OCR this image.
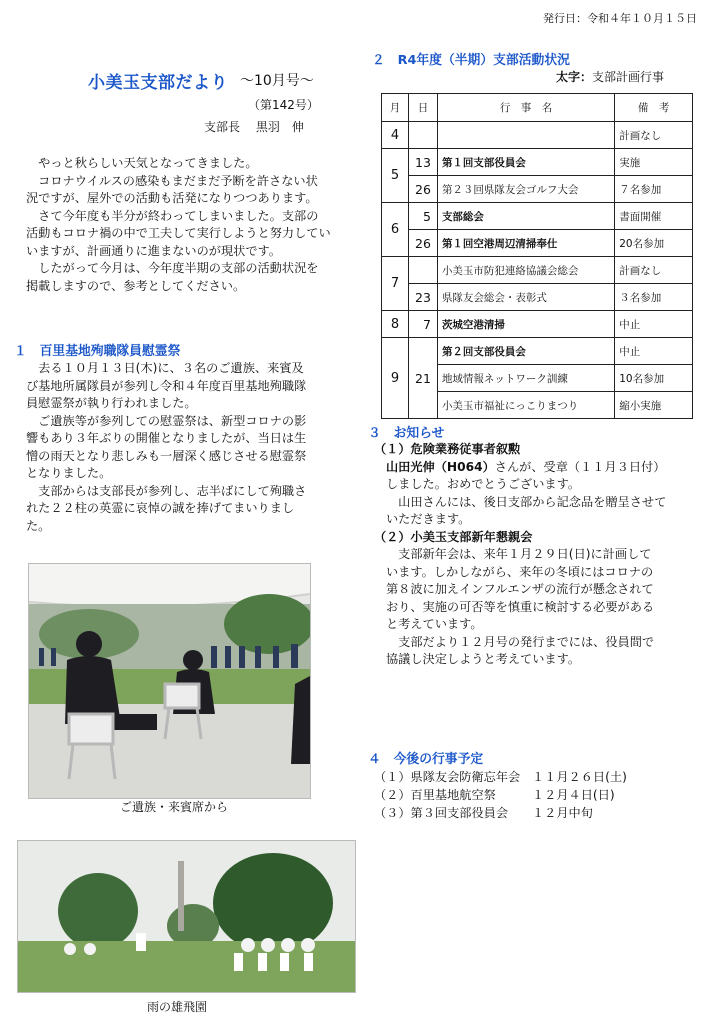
発行日：令和４年１０月１５日
小美玉支部だより ～10月号～
（第142号）
支部長　 黒羽　伸

　やっと秋らしい天気となってきました。

　コロナウイルスの感染もまだまだ予断を許さない状

況ですが、屋外での活動も活発になりつつあります。

　さて今年度も半分が終わってしまいました。支部の

活動もコロナ禍の中で工夫して実行しようと努力してい

いますが、計画通りに進まないのが現状です。

　したがって今月は、今年度半期の支部の活動状況を

掲載しますので、参考としてください。

１　百里基地殉職隊員慰霊祭

　去る１０月１３日(木)に、３名のご遺族、来賓及

び基地所属隊員が参列し令和４年度百里基地殉職隊

員慰霊祭が執り行われました。

　ご遺族等が参列しての慰霊祭は、新型コロナの影

響もあり３年ぶりの開催となりましたが、当日は生

憎の雨天となり悲しみも一層深く感じさせる慰霊祭

となりました。

　支部からは支部長が参列し、志半ばにして殉職さ

れた２２柱の英霊に哀悼の誠を捧げてまいりまし

た。

ご遺族・来賓席から
雨の雄飛園
２　R4年度（半期）支部活動状況
太字：支部計画行事
月	日	行　事　名	備　考
4			計画なし
5	13	第１回支部役員会	実施
	26	第２３回県隊友会ゴルフ大会	７名参加
6	5	支部総会	書面開催
	26	第１回空港周辺清掃奉仕	20名参加
7		小美玉市防犯連絡協議会総会	計画なし
	23	県隊友会総会・表彰式	３名参加
8	7	茨城空港清掃	中止
9	21	第２回支部役員会	中止
		地域情報ネットワーク訓練	10名参加
		小美玉市福祉にっこりまつり	縮小実施
３　お知らせ

（１）危険業務従事者叙勲

山田光伸（H064）さんが、受章（１１月３日付）

しました。おめでとうございます。

　山田さんには、後日支部から記念品を贈呈させて

いただきます。

（２）小美玉支部新年懇親会

　支部新年会は、来年１月２９日(日)に計画して

います。しかしながら、来年の冬頃にはコロナの

第８波に加えインフルエンザの流行が懸念されて

おり、実施の可否等を慎重に検討する必要がある

と考えています。

　支部だより１２月号の発行までには、役員間で

協議し決定しようと考えています。

４　今後の行事予定
（１）県隊友会防衛忘年会 １１月２６日(土)
（２）百里基地航空祭	１２月４日(日)
（３）第３回支部役員会	１２月中旬
